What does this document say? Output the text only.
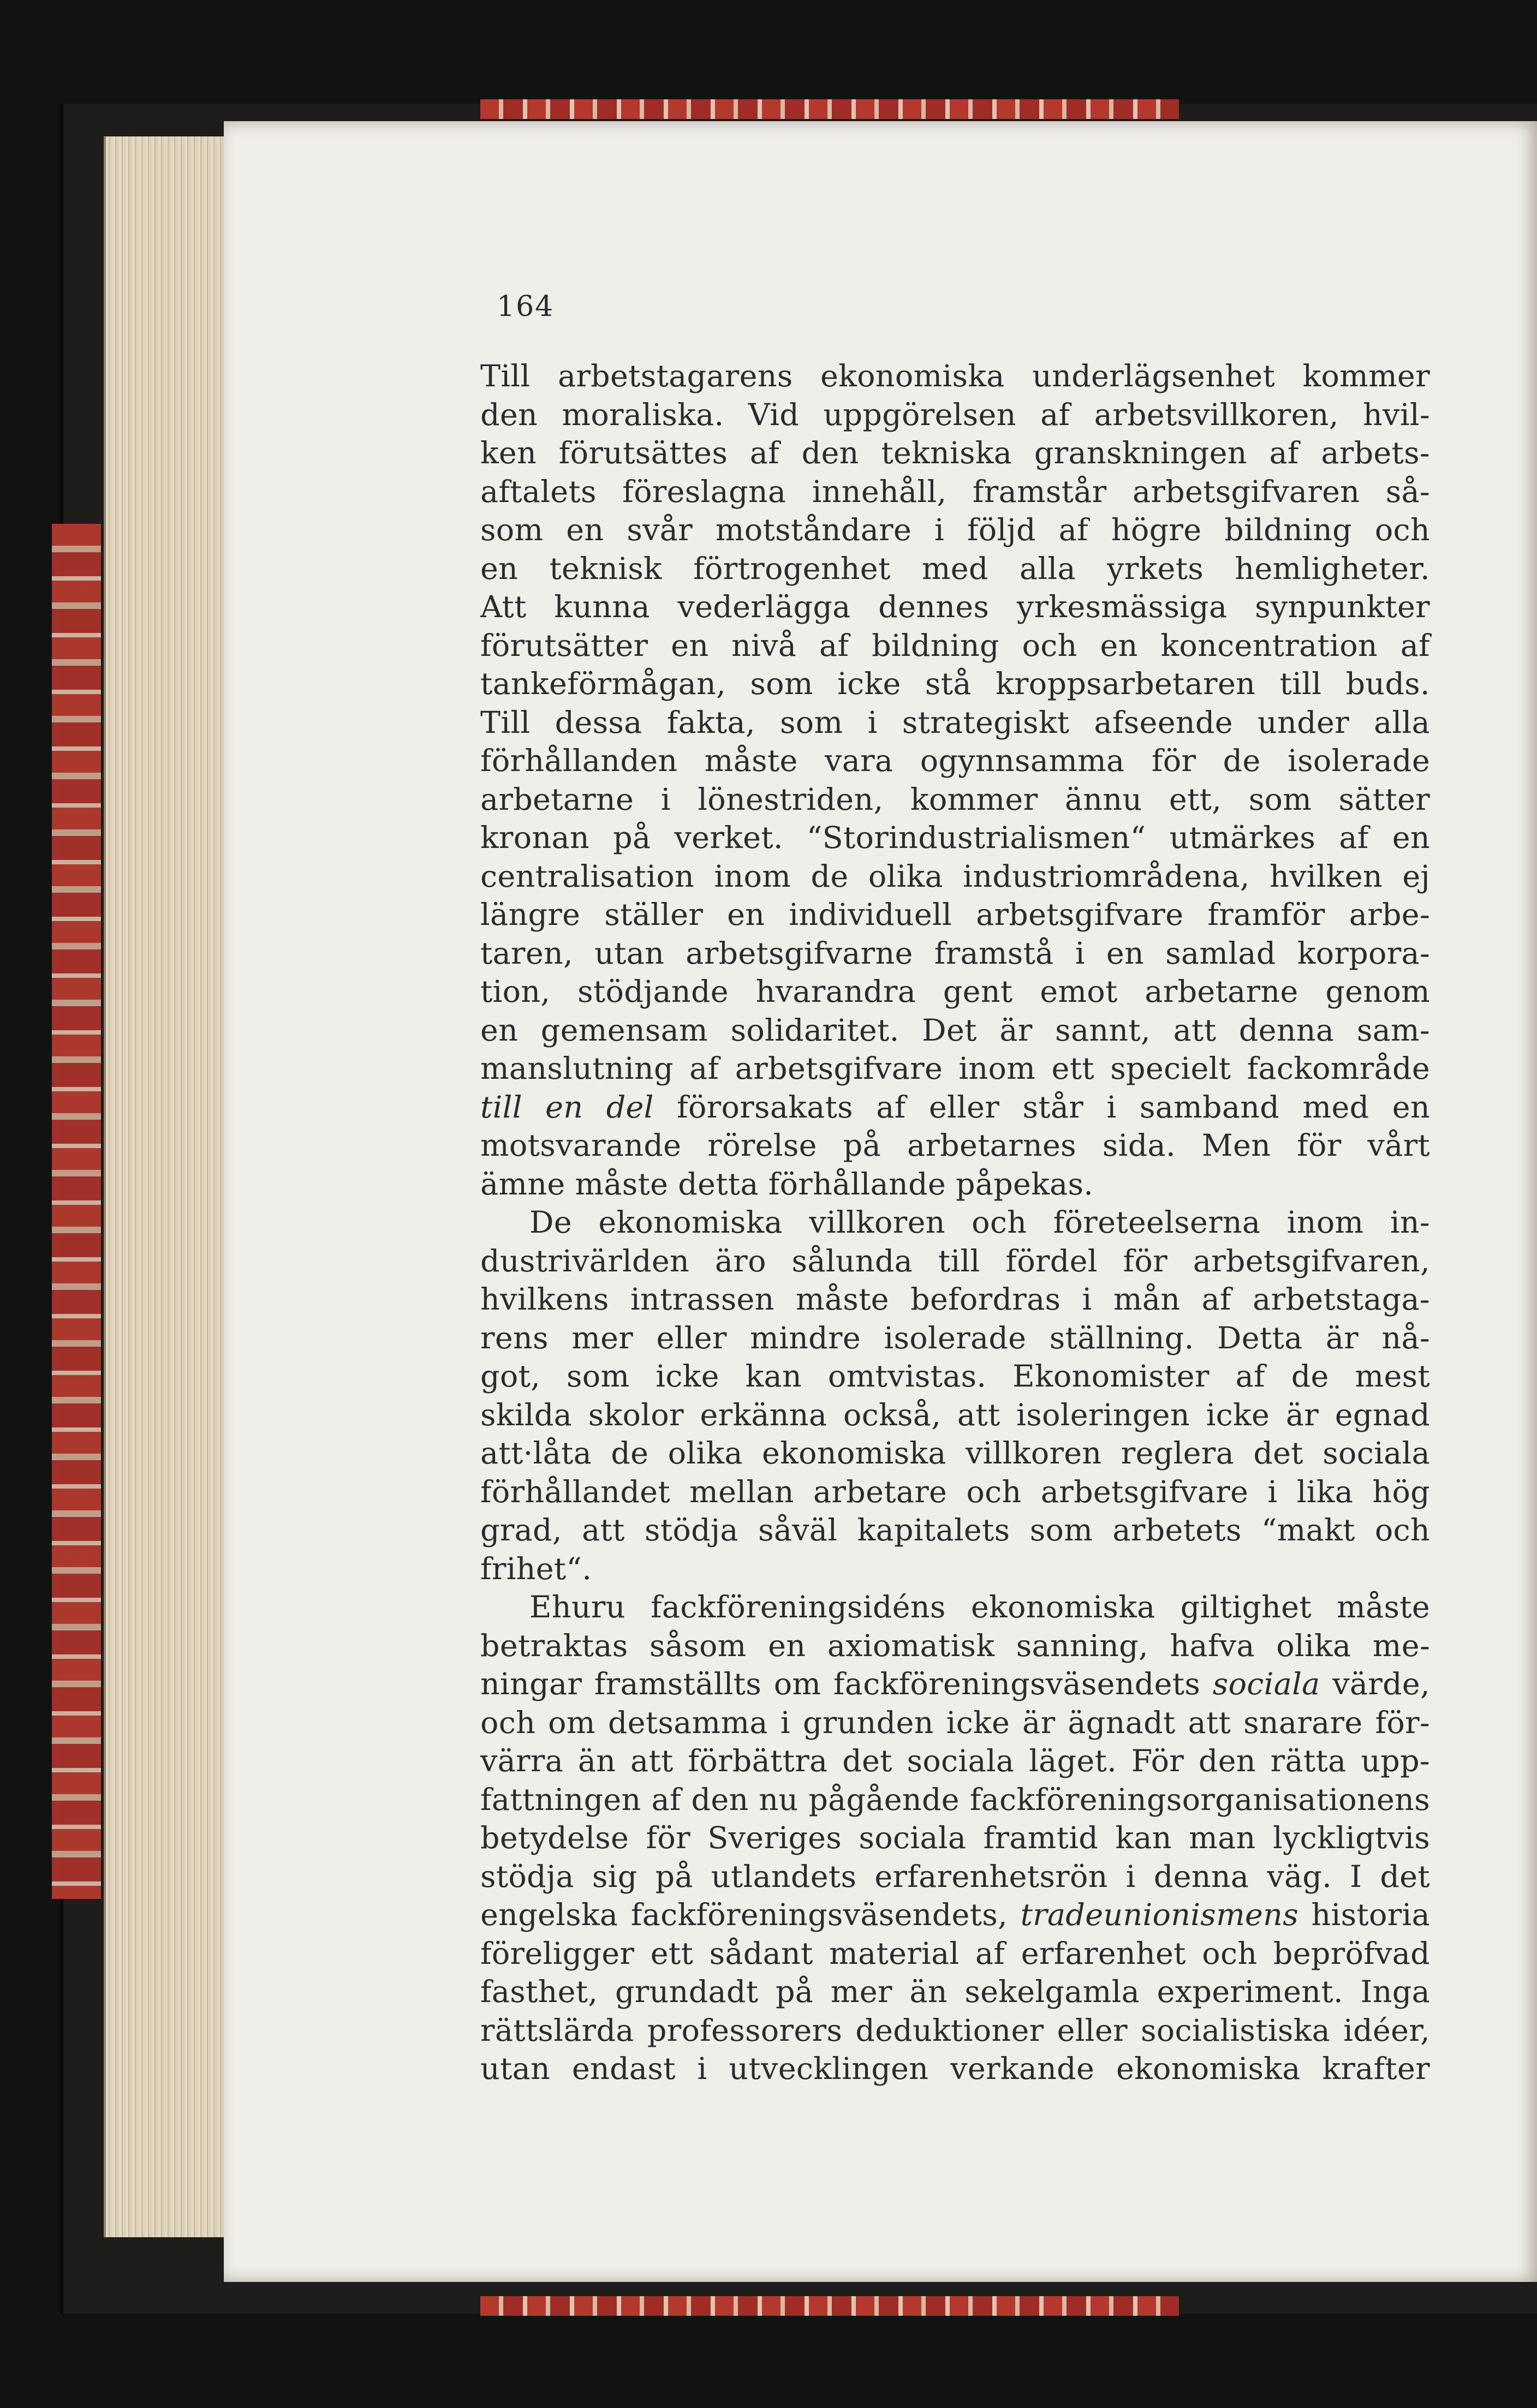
164
Till arbetstagarens ekonomiska underlägsenhet kommer
den moraliska. Vid uppgörelsen af arbetsvillkoren, hvil-
ken förutsättes af den tekniska granskningen af arbets-
aftalets föreslagna innehåll, framstår arbetsgifvaren så-
som en svår motståndare i följd af högre bildning och
en teknisk förtrogenhet med alla yrkets hemligheter.
Att kunna vederlägga dennes yrkesmässiga synpunkter
förutsätter en nivå af bildning och en koncentration af
tankeförmågan, som icke stå kroppsarbetaren till buds.
Till dessa fakta, som i strategiskt afseende under alla
förhållanden måste vara ogynnsamma för de isolerade
arbetarne i lönestriden, kommer ännu ett, som sätter
kronan på verket. “Storindustrialismen“ utmärkes af en
centralisation inom de olika industriområdena, hvilken ej
längre ställer en individuell arbetsgifvare framför arbe-
taren, utan arbetsgifvarne framstå i en samlad korpora-
tion, stödjande hvarandra gent emot arbetarne genom
en gemensam solidaritet. Det är sannt, att denna sam-
manslutning af arbetsgifvare inom ett specielt fackområde
till en del förorsakats af eller står i samband med en
motsvarande rörelse på arbetarnes sida. Men för vårt
ämne måste detta förhållande påpekas.
De ekonomiska villkoren och företeelserna inom in-
dustrivärlden äro sålunda till fördel för arbetsgifvaren,
hvilkens intrassen måste befordras i mån af arbetstaga-
rens mer eller mindre isolerade ställning. Detta är nå-
got, som icke kan omtvistas. Ekonomister af de mest
skilda skolor erkänna också, att isoleringen icke är egnad
att·låta de olika ekonomiska villkoren reglera det sociala
förhållandet mellan arbetare och arbetsgifvare i lika hög
grad, att stödja såväl kapitalets som arbetets “makt och
frihet“.
Ehuru fackföreningsidéns ekonomiska giltighet måste
betraktas såsom en axiomatisk sanning, hafva olika me-
ningar framställts om fackföreningsväsendets sociala värde,
och om detsamma i grunden icke är ägnadt att snarare för-
värra än att förbättra det sociala läget. För den rätta upp-
fattningen af den nu pågående fackföreningsorganisationens
betydelse för Sveriges sociala framtid kan man lyckligtvis
stödja sig på utlandets erfarenhetsrön i denna väg. I det
engelska fackföreningsväsendets, tradeunionismens historia
föreligger ett sådant material af erfarenhet och bepröfvad
fasthet, grundadt på mer än sekelgamla experiment. Inga
rättslärda professorers deduktioner eller socialistiska idéer,
utan endast i utvecklingen verkande ekonomiska krafter
